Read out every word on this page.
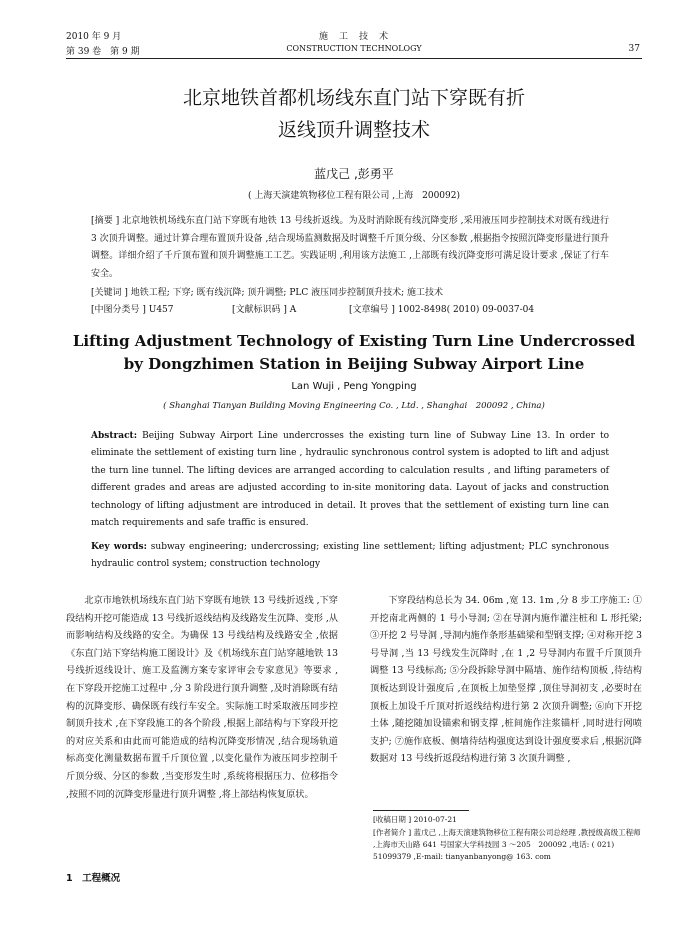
2010 年 9 月
第 39 卷　第 9 期
施　工　技　术
CONSTRUCTION TECHNOLOGY	37
北京地铁首都机场线东直门站下穿既有折
返线顶升调整技术
蓝戊己 ,彭勇平
( 上海天演建筑物移位工程有限公司 ,上海　200092)
[摘要 ] 北京地铁机场线东直门站下穿既有地铁 13 号线折返线。为及时消除既有线沉降变形 ,采用液压同步控制技术对既有线进行 3 次顶升调整。通过计算合理布置顶升设备 ,结合现场监测数据及时调整千斤顶分级、分区参数 ,根据指令按照沉降变形量进行顶升调整。详细介绍了千斤顶布置和顶升调整施工工艺。实践证明 ,利用该方法施工 ,上部既有线沉降变形可满足设计要求 ,保证了行车安全。
[关键词 ] 地铁工程; 下穿; 既有线沉降; 顶升调整; PLC 液压同步控制顶升技术; 施工技术
[中图分类号 ] U457	[文献标识码 ] A	[文章编号 ] 1002-8498( 2010) 09-0037-04
Lifting Adjustment Technology of Existing Turn Line Undercrossed
by Dongzhimen Station in Beijing Subway Airport Line
Lan Wuji , Peng Yongping
( Shanghai Tianyan Building Moving Engineering Co. , Ltd. , Shanghai　200092 , China)
Abstract: Beijing Subway Airport Line undercrosses the existing turn line of Subway Line 13. In order to eliminate the settlement of existing turn line , hydraulic synchronous control system is adopted to lift and adjust the turn line tunnel. The lifting devices are arranged according to calculation results , and lifting parameters of different grades and areas are adjusted according to in-site monitoring data. Layout of jacks and construction technology of lifting adjustment are introduced in detail. It proves that the settlement of existing turn line can match requirements and safe traffic is ensured.
Key words: subway engineering; undercrossing; existing line settlement; lifting adjustment; PLC synchronous hydraulic control system; construction technology

北京市地铁机场线东直门站下穿既有地铁 13 号线折返线 ,下穿段结构开挖可能造成 13 号线折返线结构及线路发生沉降、变形 ,从而影响结构及线路的安全。为确保 13 号线结构及线路安全 ,依据《东直门站下穿结构施工图设计》及《机场线东直门站穿越地铁 13 号线折返线设计、施工及监测方案专家评审会专家意见》等要求 ,在下穿段开挖施工过程中 ,分 3 阶段进行顶升调整 ,及时消除既有结构的沉降变形、确保既有线行车安全。实际施工时采取液压同步控制顶升技术 ,在下穿段施工的各个阶段 ,根据上部结构与下穿段开挖的对应关系和由此而可能造成的结构沉降变形情况 ,结合现场轨道标高变化测量数据布置千斤顶位置 ,以变化量作为液压同步控制千斤顶分级、分区的参数 ,当变形发生时 ,系统将根据压力、位移指令 ,按照不同的沉降变形量进行顶升调整 ,将上部结构恢复原状。

1　工程概况

下穿段结构总长为 34. 06m ,宽 13. 1m ,分 8 步工序施工: ①开挖南北两侧的 1 号小导洞; ②在导洞内施作灌注桩和 L 形托梁; ③开挖 2 号导洞 ,导洞内施作条形基础梁和型钢支撑; ④对称开挖 3 号导洞 ,当 13 号线发生沉降时 ,在 1 ,2 号导洞内布置千斤顶顶升调整 13 号线标高; ⑤分段拆除导洞中隔墙、施作结构顶板 ,待结构顶板达到设计强度后 ,在顶板上加垫竖撑 ,顶住导洞初支 ,必要时在顶板上加设千斤顶对折返线结构进行第 2 次顶升调整; ⑥向下开挖土体 ,随挖随加设锚索和钢支撑 ,桩间施作注浆锚杆 ,同时进行网喷支护; ⑦施作底板、侧墙待结构强度达到设计强度要求后 ,根据沉降数据对 13 号线折返段结构进行第 3 次顶升调整 ,

[收稿日期 ] 2010-07-21
[作者简介 ] 蓝戊己 ,上海天演建筑物移位工程有限公司总经理 ,教授级高级工程师 ,上海市天山路 641 号国家大学科技园 3 ～205　200092 ,电话: ( 021) 51099379 ,E-mail: tianyanbanyong@ 163. com
